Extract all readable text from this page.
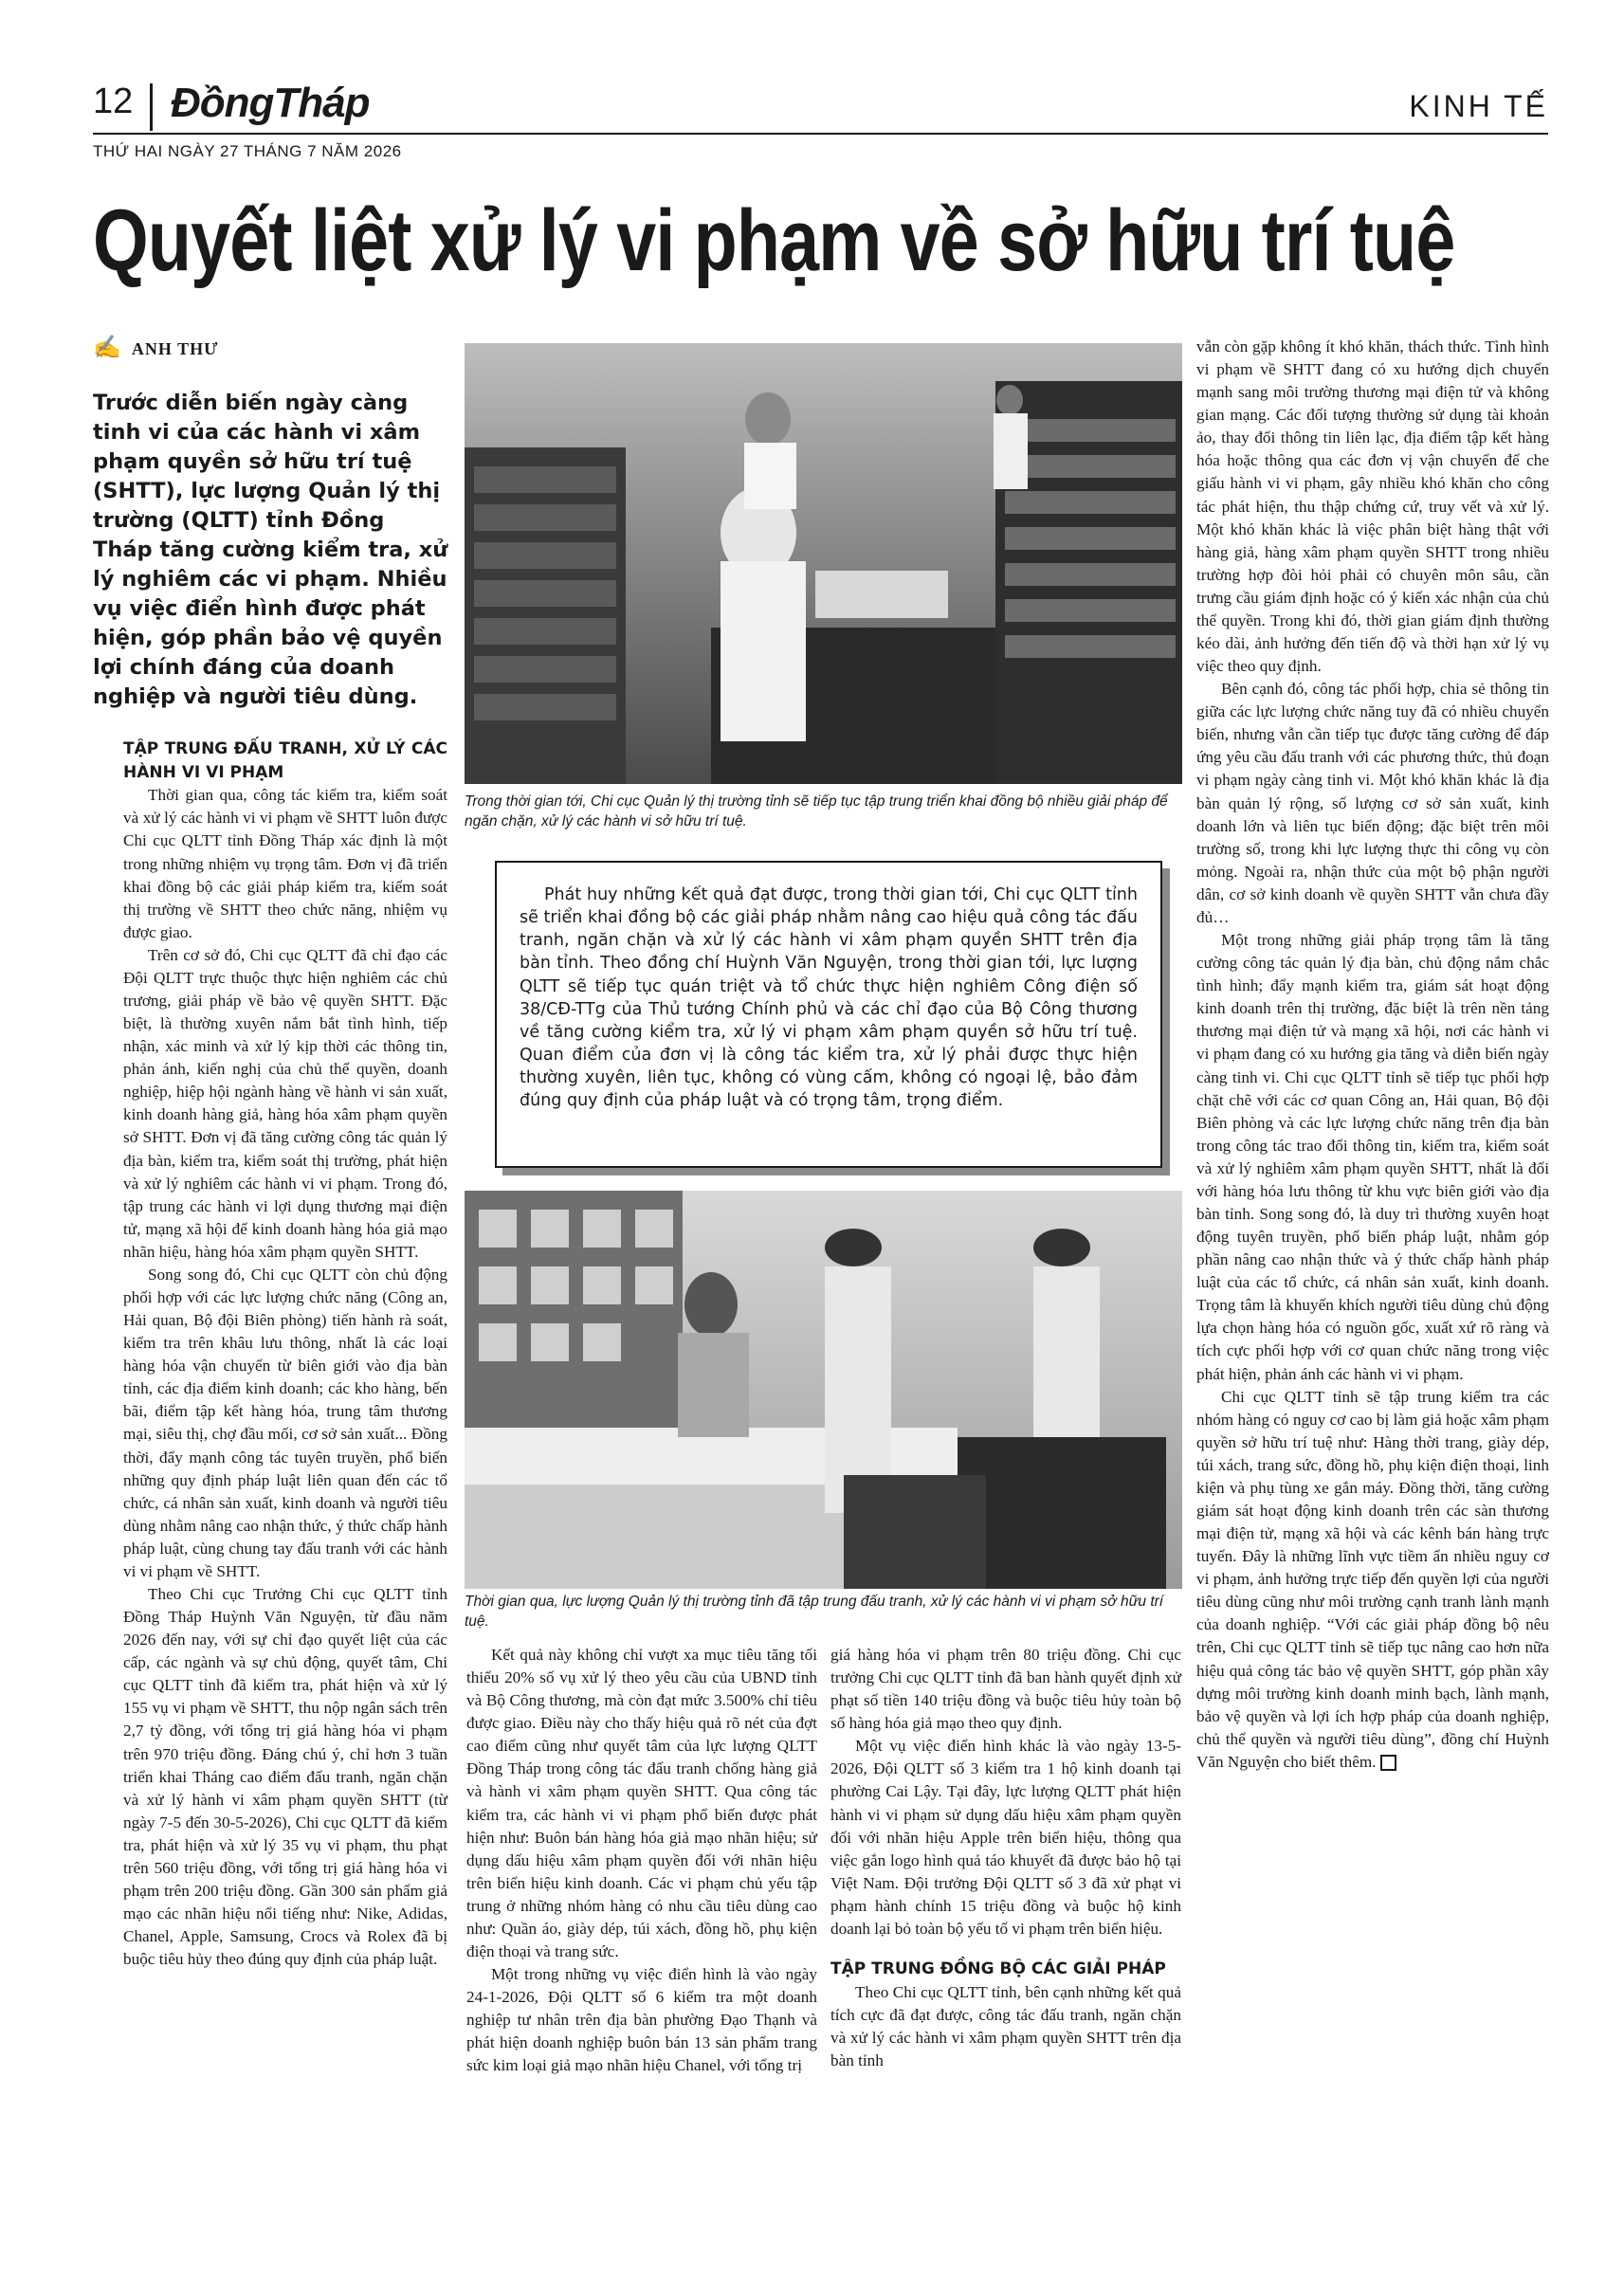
12 ĐồngTháp	KINH TẾ
THỨ HAI NGÀY 27 THÁNG 7 NĂM 2026
Quyết liệt xử lý vi phạm về sở hữu trí tuệ
✍ ANH THƯ
Trước diễn biến ngày càng tinh vi của các hành vi xâm phạm quyền sở hữu trí tuệ (SHTT), lực lượng Quản lý thị trường (QLTT) tỉnh Đồng Tháp tăng cường kiểm tra, xử lý nghiêm các vi phạm. Nhiều vụ việc điển hình được phát hiện, góp phần bảo vệ quyền lợi chính đáng của doanh nghiệp và người tiêu dùng.

TẬP TRUNG ĐẤU TRANH, XỬ LÝ CÁC HÀNH VI VI PHẠM

Thời gian qua, công tác kiểm tra, kiểm soát và xử lý các hành vi vi phạm về SHTT luôn được Chi cục QLTT tỉnh Đồng Tháp xác định là một trong những nhiệm vụ trọng tâm. Đơn vị đã triển khai đồng bộ các giải pháp kiểm tra, kiểm soát thị trường về SHTT theo chức năng, nhiệm vụ được giao.

Trên cơ sở đó, Chi cục QLTT đã chỉ đạo các Đội QLTT trực thuộc thực hiện nghiêm các chủ trương, giải pháp về bảo vệ quyền SHTT. Đặc biệt, là thường xuyên nắm bắt tình hình, tiếp nhận, xác minh và xử lý kịp thời các thông tin, phản ánh, kiến nghị của chủ thể quyền, doanh nghiệp, hiệp hội ngành hàng về hành vi sản xuất, kinh doanh hàng giả, hàng hóa xâm phạm quyền sở SHTT. Đơn vị đã tăng cường công tác quản lý địa bàn, kiểm tra, kiểm soát thị trường, phát hiện và xử lý nghiêm các hành vi vi phạm. Trong đó, tập trung các hành vi lợi dụng thương mại điện tử, mạng xã hội để kinh doanh hàng hóa giả mạo nhãn hiệu, hàng hóa xâm phạm quyền SHTT.

Song song đó, Chi cục QLTT còn chủ động phối hợp với các lực lượng chức năng (Công an, Hải quan, Bộ đội Biên phòng) tiến hành rà soát, kiểm tra trên khâu lưu thông, nhất là các loại hàng hóa vận chuyển từ biên giới vào địa bàn tỉnh, các địa điểm kinh doanh; các kho hàng, bến bãi, điểm tập kết hàng hóa, trung tâm thương mại, siêu thị, chợ đầu mối, cơ sở sản xuất... Đồng thời, đẩy mạnh công tác tuyên truyền, phổ biến những quy định pháp luật liên quan đến các tổ chức, cá nhân sản xuất, kinh doanh và người tiêu dùng nhằm nâng cao nhận thức, ý thức chấp hành pháp luật, cùng chung tay đấu tranh với các hành vi vi phạm về SHTT.

Theo Chi cục Trưởng Chi cục QLTT tỉnh Đồng Tháp Huỳnh Văn Nguyện, từ đầu năm 2026 đến nay, với sự chỉ đạo quyết liệt của các cấp, các ngành và sự chủ động, quyết tâm, Chi cục QLTT tỉnh đã kiểm tra, phát hiện và xử lý 155 vụ vi phạm về SHTT, thu nộp ngân sách trên 2,7 tỷ đồng, với tổng trị giá hàng hóa vi phạm trên 970 triệu đồng. Đáng chú ý, chỉ hơn 3 tuần triển khai Tháng cao điểm đấu tranh, ngăn chặn và xử lý hành vi xâm phạm quyền SHTT (từ ngày 7-5 đến 30-5-2026), Chi cục QLTT đã kiểm tra, phát hiện và xử lý 35 vụ vi phạm, thu phạt trên 560 triệu đồng, với tổng trị giá hàng hóa vi phạm trên 200 triệu đồng. Gần 300 sản phẩm giả mạo các nhãn hiệu nổi tiếng như: Nike, Adidas, Chanel, Apple, Samsung, Crocs và Rolex đã bị buộc tiêu hủy theo đúng quy định của pháp luật.

Trong thời gian tới, Chi cục Quản lý thị trường tỉnh sẽ tiếp tục tập trung triển khai đồng bộ nhiều giải pháp để ngăn chặn, xử lý các hành vi sở hữu trí tuệ.
Phát huy những kết quả đạt được, trong thời gian tới, Chi cục QLTT tỉnh sẽ triển khai đồng bộ các giải pháp nhằm nâng cao hiệu quả công tác đấu tranh, ngăn chặn và xử lý các hành vi xâm phạm quyền SHTT trên địa bàn tỉnh. Theo đồng chí Huỳnh Văn Nguyện, trong thời gian tới, lực lượng QLTT sẽ tiếp tục quán triệt và tổ chức thực hiện nghiêm Công điện số 38/CĐ-TTg của Thủ tướng Chính phủ và các chỉ đạo của Bộ Công thương về tăng cường kiểm tra, xử lý vi phạm xâm phạm quyền sở hữu trí tuệ. Quan điểm của đơn vị là công tác kiểm tra, xử lý phải được thực hiện thường xuyên, liên tục, không có vùng cấm, không có ngoại lệ, bảo đảm đúng quy định của pháp luật và có trọng tâm, trọng điểm.
Thời gian qua, lực lượng Quản lý thị trường tỉnh đã tập trung đấu tranh, xử lý các hành vi vi phạm sở hữu trí tuệ.

Kết quả này không chỉ vượt xa mục tiêu tăng tối thiểu 20% số vụ xử lý theo yêu cầu của UBND tỉnh và Bộ Công thương, mà còn đạt mức 3.500% chỉ tiêu được giao. Điều này cho thấy hiệu quả rõ nét của đợt cao điểm cũng như quyết tâm của lực lượng QLTT Đồng Tháp trong công tác đấu tranh chống hàng giả và hành vi xâm phạm quyền SHTT. Qua công tác kiểm tra, các hành vi vi phạm phổ biến được phát hiện như: Buôn bán hàng hóa giả mạo nhãn hiệu; sử dụng dấu hiệu xâm phạm quyền đối với nhãn hiệu trên biển hiệu kinh doanh. Các vi phạm chủ yếu tập trung ở những nhóm hàng có nhu cầu tiêu dùng cao như: Quần áo, giày dép, túi xách, đồng hồ, phụ kiện điện thoại và trang sức.

Một trong những vụ việc điển hình là vào ngày 24-1-2026, Đội QLTT số 6 kiểm tra một doanh nghiệp tư nhân trên địa bàn phường Đạo Thạnh và phát hiện doanh nghiệp buôn bán 13 sản phẩm trang sức kim loại giả mạo nhãn hiệu Chanel, với tổng trị

giá hàng hóa vi phạm trên 80 triệu đồng. Chi cục trưởng Chi cục QLTT tỉnh đã ban hành quyết định xử phạt số tiền 140 triệu đồng và buộc tiêu hủy toàn bộ số hàng hóa giả mạo theo quy định.

Một vụ việc điển hình khác là vào ngày 13-5-2026, Đội QLTT số 3 kiểm tra 1 hộ kinh doanh tại phường Cai Lậy. Tại đây, lực lượng QLTT phát hiện hành vi vi phạm sử dụng dấu hiệu xâm phạm quyền đối với nhãn hiệu Apple trên biển hiệu, thông qua việc gắn logo hình quả táo khuyết đã được bảo hộ tại Việt Nam. Đội trưởng Đội QLTT số 3 đã xử phạt vi phạm hành chính 15 triệu đồng và buộc hộ kinh doanh lại bỏ toàn bộ yếu tố vi phạm trên biển hiệu.

TẬP TRUNG ĐỒNG BỘ CÁC GIẢI PHÁP

Theo Chi cục QLTT tỉnh, bên cạnh những kết quả tích cực đã đạt được, công tác đấu tranh, ngăn chặn và xử lý các hành vi xâm phạm quyền SHTT trên địa bàn tỉnh

vẫn còn gặp không ít khó khăn, thách thức. Tình hình vi phạm về SHTT đang có xu hướng dịch chuyển mạnh sang môi trường thương mại điện tử và không gian mạng. Các đối tượng thường sử dụng tài khoản ảo, thay đổi thông tin liên lạc, địa điểm tập kết hàng hóa hoặc thông qua các đơn vị vận chuyển để che giấu hành vi vi phạm, gây nhiều khó khăn cho công tác phát hiện, thu thập chứng cứ, truy vết và xử lý. Một khó khăn khác là việc phân biệt hàng thật với hàng giả, hàng xâm phạm quyền SHTT trong nhiều trường hợp đòi hỏi phải có chuyên môn sâu, cần trưng cầu giám định hoặc có ý kiến xác nhận của chủ thể quyền. Trong khi đó, thời gian giám định thường kéo dài, ảnh hưởng đến tiến độ và thời hạn xử lý vụ việc theo quy định.

Bên cạnh đó, công tác phối hợp, chia sẻ thông tin giữa các lực lượng chức năng tuy đã có nhiều chuyển biến, nhưng vẫn cần tiếp tục được tăng cường để đáp ứng yêu cầu đấu tranh với các phương thức, thủ đoạn vi phạm ngày càng tinh vi. Một khó khăn khác là địa bàn quản lý rộng, số lượng cơ sở sản xuất, kinh doanh lớn và liên tục biến động; đặc biệt trên môi trường số, trong khi lực lượng thực thi công vụ còn mỏng. Ngoài ra, nhận thức của một bộ phận người dân, cơ sở kinh doanh về quyền SHTT vẫn chưa đầy đủ…

Một trong những giải pháp trọng tâm là tăng cường công tác quản lý địa bàn, chủ động nắm chắc tình hình; đẩy mạnh kiểm tra, giám sát hoạt động kinh doanh trên thị trường, đặc biệt là trên nền tảng thương mại điện tử và mạng xã hội, nơi các hành vi vi phạm đang có xu hướng gia tăng và diễn biến ngày càng tinh vi. Chi cục QLTT tỉnh sẽ tiếp tục phối hợp chặt chẽ với các cơ quan Công an, Hải quan, Bộ đội Biên phòng và các lực lượng chức năng trên địa bàn trong công tác trao đổi thông tin, kiểm tra, kiểm soát và xử lý nghiêm xâm phạm quyền SHTT, nhất là đối với hàng hóa lưu thông từ khu vực biên giới vào địa bàn tỉnh. Song song đó, là duy trì thường xuyên hoạt động tuyên truyền, phổ biến pháp luật, nhằm góp phần nâng cao nhận thức và ý thức chấp hành pháp luật của các tổ chức, cá nhân sản xuất, kinh doanh. Trọng tâm là khuyến khích người tiêu dùng chủ động lựa chọn hàng hóa có nguồn gốc, xuất xứ rõ ràng và tích cực phối hợp với cơ quan chức năng trong việc phát hiện, phản ánh các hành vi vi phạm.

Chi cục QLTT tỉnh sẽ tập trung kiểm tra các nhóm hàng có nguy cơ cao bị làm giả hoặc xâm phạm quyền sở hữu trí tuệ như: Hàng thời trang, giày dép, túi xách, trang sức, đồng hồ, phụ kiện điện thoại, linh kiện và phụ tùng xe gắn máy. Đồng thời, tăng cường giám sát hoạt động kinh doanh trên các sàn thương mại điện tử, mạng xã hội và các kênh bán hàng trực tuyến. Đây là những lĩnh vực tiềm ẩn nhiều nguy cơ vi phạm, ảnh hưởng trực tiếp đến quyền lợi của người tiêu dùng cũng như môi trường cạnh tranh lành mạnh của doanh nghiệp. “Với các giải pháp đồng bộ nêu trên, Chi cục QLTT tỉnh sẽ tiếp tục nâng cao hơn nữa hiệu quả công tác bảo vệ quyền SHTT, góp phần xây dựng môi trường kinh doanh minh bạch, lành mạnh, bảo vệ quyền và lợi ích hợp pháp của doanh nghiệp, chủ thể quyền và người tiêu dùng”, đồng chí Huỳnh Văn Nguyện cho biết thêm.
